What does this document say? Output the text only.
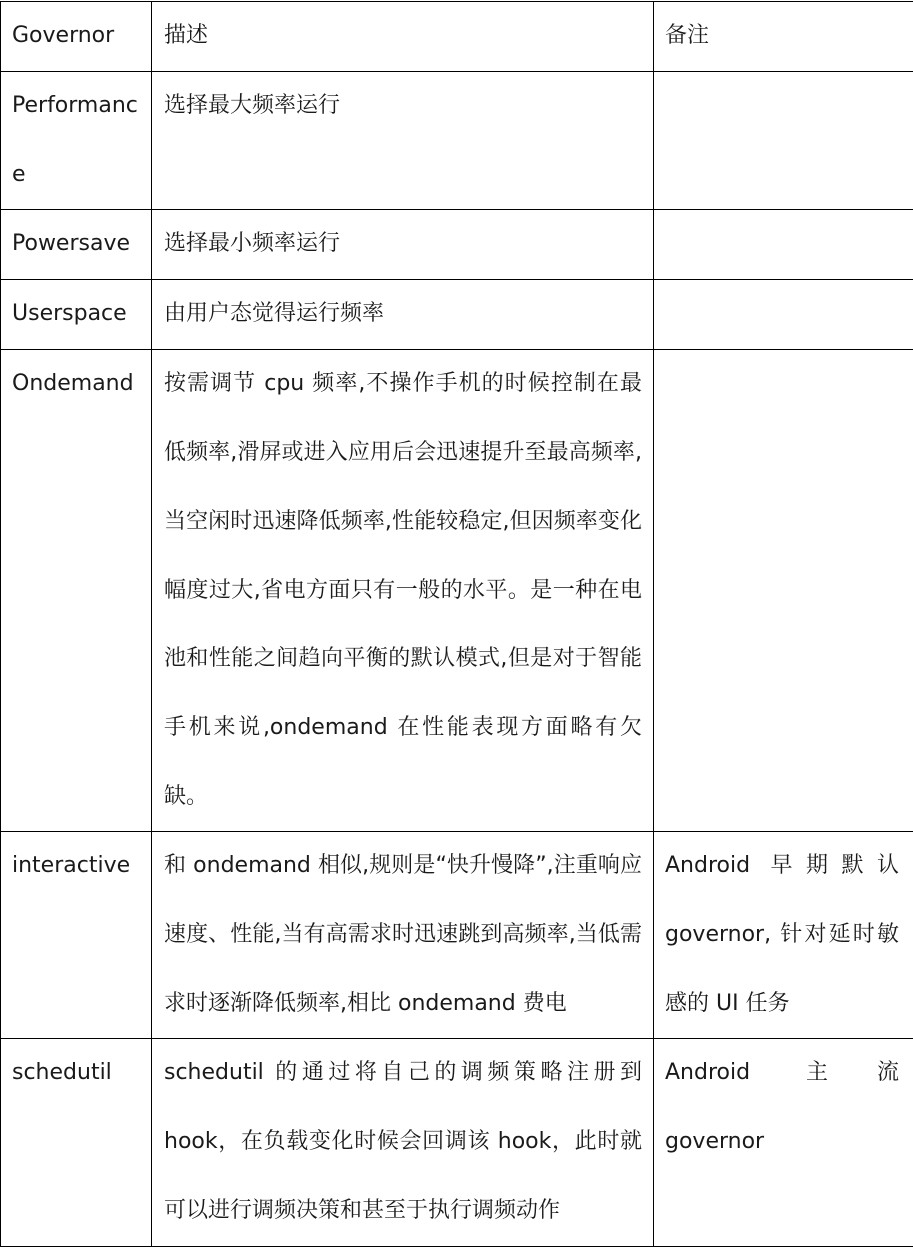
Governor	描述	备注
Performance	选择最大频率运行	
Powersave	选择最小频率运行	
Userspace	由用户态觉得运行频率	
Ondemand	按需调节 cpu 频率,不操作手机的时候控制在最低频率,滑屏或进入应用后会迅速提升至最高频率,当空闲时迅速降低频率,性能较稳定,但因频率变化幅度过大,省电方面只有一般的水平。是一种在电池和性能之间趋向平衡的默认模式,但是对于智能手机来说,ondemand 在性能表现方面略有欠缺。	
interactive	和 ondemand 相似,规则是“快升慢降”,注重响应速度、性能,当有高需求时迅速跳到高频率,当低需求时逐渐降低频率,相比 ondemand 费电	Android 早期默认 governor, 针对延时敏感的 UI 任务
schedutil	schedutil 的通过将自己的调频策略注册到 hook，在负载变化时候会回调该 hook，此时就可以进行调频决策和甚至于执行调频动作	Android 主流 governor
